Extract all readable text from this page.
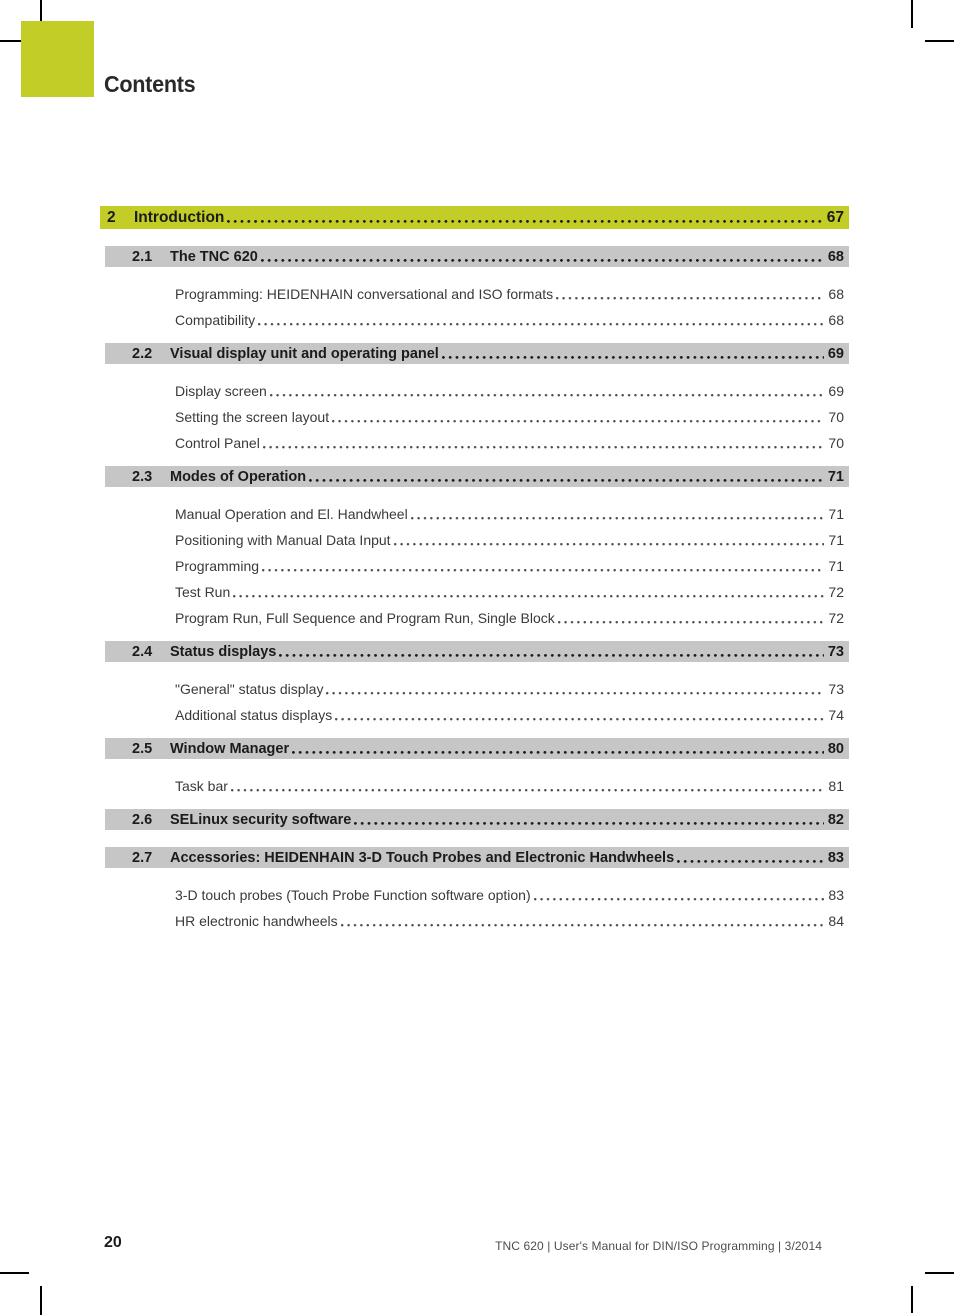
Contents
2	Introduction	67
2.1	The TNC 620	68
Programming: HEIDENHAIN conversational and ISO formats	68
Compatibility	68
2.2	Visual display unit and operating panel	69
Display screen	69
Setting the screen layout	70
Control Panel	70
2.3	Modes of Operation	71
Manual Operation and El. Handwheel	71
Positioning with Manual Data Input	71
Programming	71
Test Run	72
Program Run, Full Sequence and Program Run, Single Block	72
2.4	Status displays	73
"General" status display	73
Additional status displays	74
2.5	Window Manager	80
Task bar	81
2.6	SELinux security software	82
2.7	Accessories: HEIDENHAIN 3-D Touch Probes and Electronic Handwheels	83
3-D touch probes (Touch Probe Function software option)	83
HR electronic handwheels	84
20	TNC 620 | User's Manual for DIN/ISO Programming | 3/2014
